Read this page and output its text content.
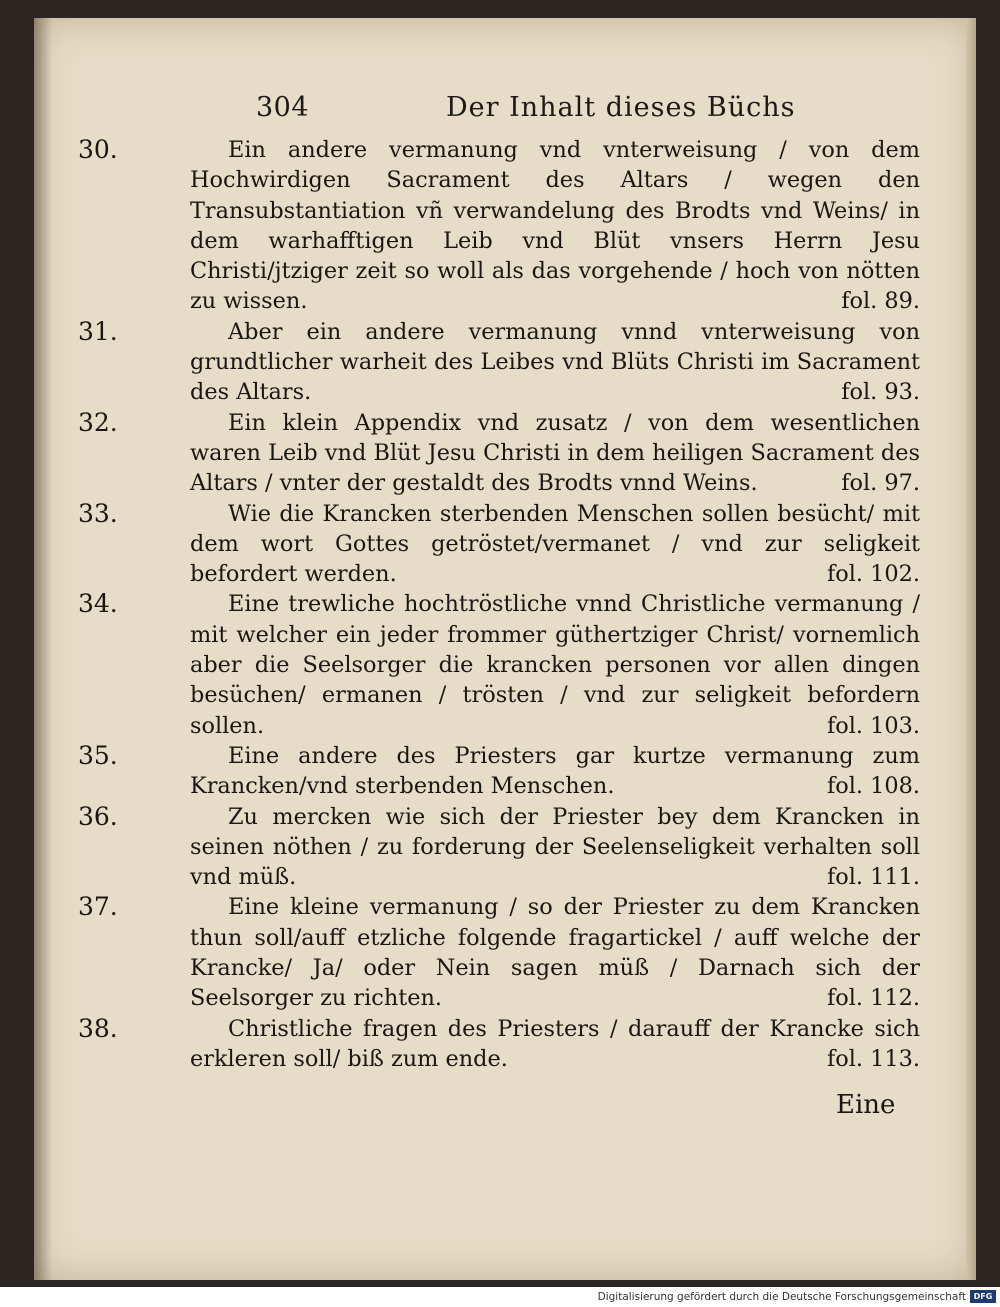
304	Der Inhalt dieses Büchs
30.	Ein andere vermanung vnd vnterweisung / von dem Hochwirdigen Sacrament des Altars / wegen den Transubstantiation vñ verwandelung des Brodts vnd Weins/ in dem warhafftigen Leib vnd Blüt vnsers Herrn Jesu Christi/jtziger zeit so woll als das vorgehende / hoch von nötten zu wissen.	fol. 89.
31.	Aber ein andere vermanung vnnd vnterweisung von grundtlicher warheit des Leibes vnd Blüts Christi im Sacrament des Altars.	fol. 93.
32.	Ein klein Appendix vnd zusatz / von dem wesentlichen waren Leib vnd Blüt Jesu Christi in dem heiligen Sacrament des Altars / vnter der gestaldt des Brodts vnnd Weins.	fol. 97.
33.	Wie die Krancken sterbenden Menschen sollen besücht/ mit dem wort Gottes getröstet/vermanet / vnd zur seligkeit befordert werden.	fol. 102.
34.	Eine trewliche hochtröstliche vnnd Christliche vermanung / mit welcher ein jeder frommer güthertziger Christ/ vornemlich aber die Seelsorger die krancken personen vor allen dingen besüchen/ ermanen / trösten / vnd zur seligkeit befordern sollen.	fol. 103.
35.	Eine andere des Priesters gar kurtze vermanung zum Krancken/vnd sterbenden Menschen.	fol. 108.
36.	Zu mercken wie sich der Priester bey dem Krancken in seinen nöthen / zu forderung der Seelenseligkeit verhalten soll vnd müß.	fol. 111.
37.	Eine kleine vermanung / so der Priester zu dem Krancken thun soll/auff etzliche folgende fragartickel / auff welche der Krancke/ Ja/ oder Nein sagen müß / Darnach sich der Seelsorger zu richten.	fol. 112.
38.	Christliche fragen des Priesters / darauff der Krancke sich erkleren soll/ biß zum ende.	fol. 113.
Eine
Digitalisierung gefördert durch die Deutsche Forschungsgemeinschaft DFG
